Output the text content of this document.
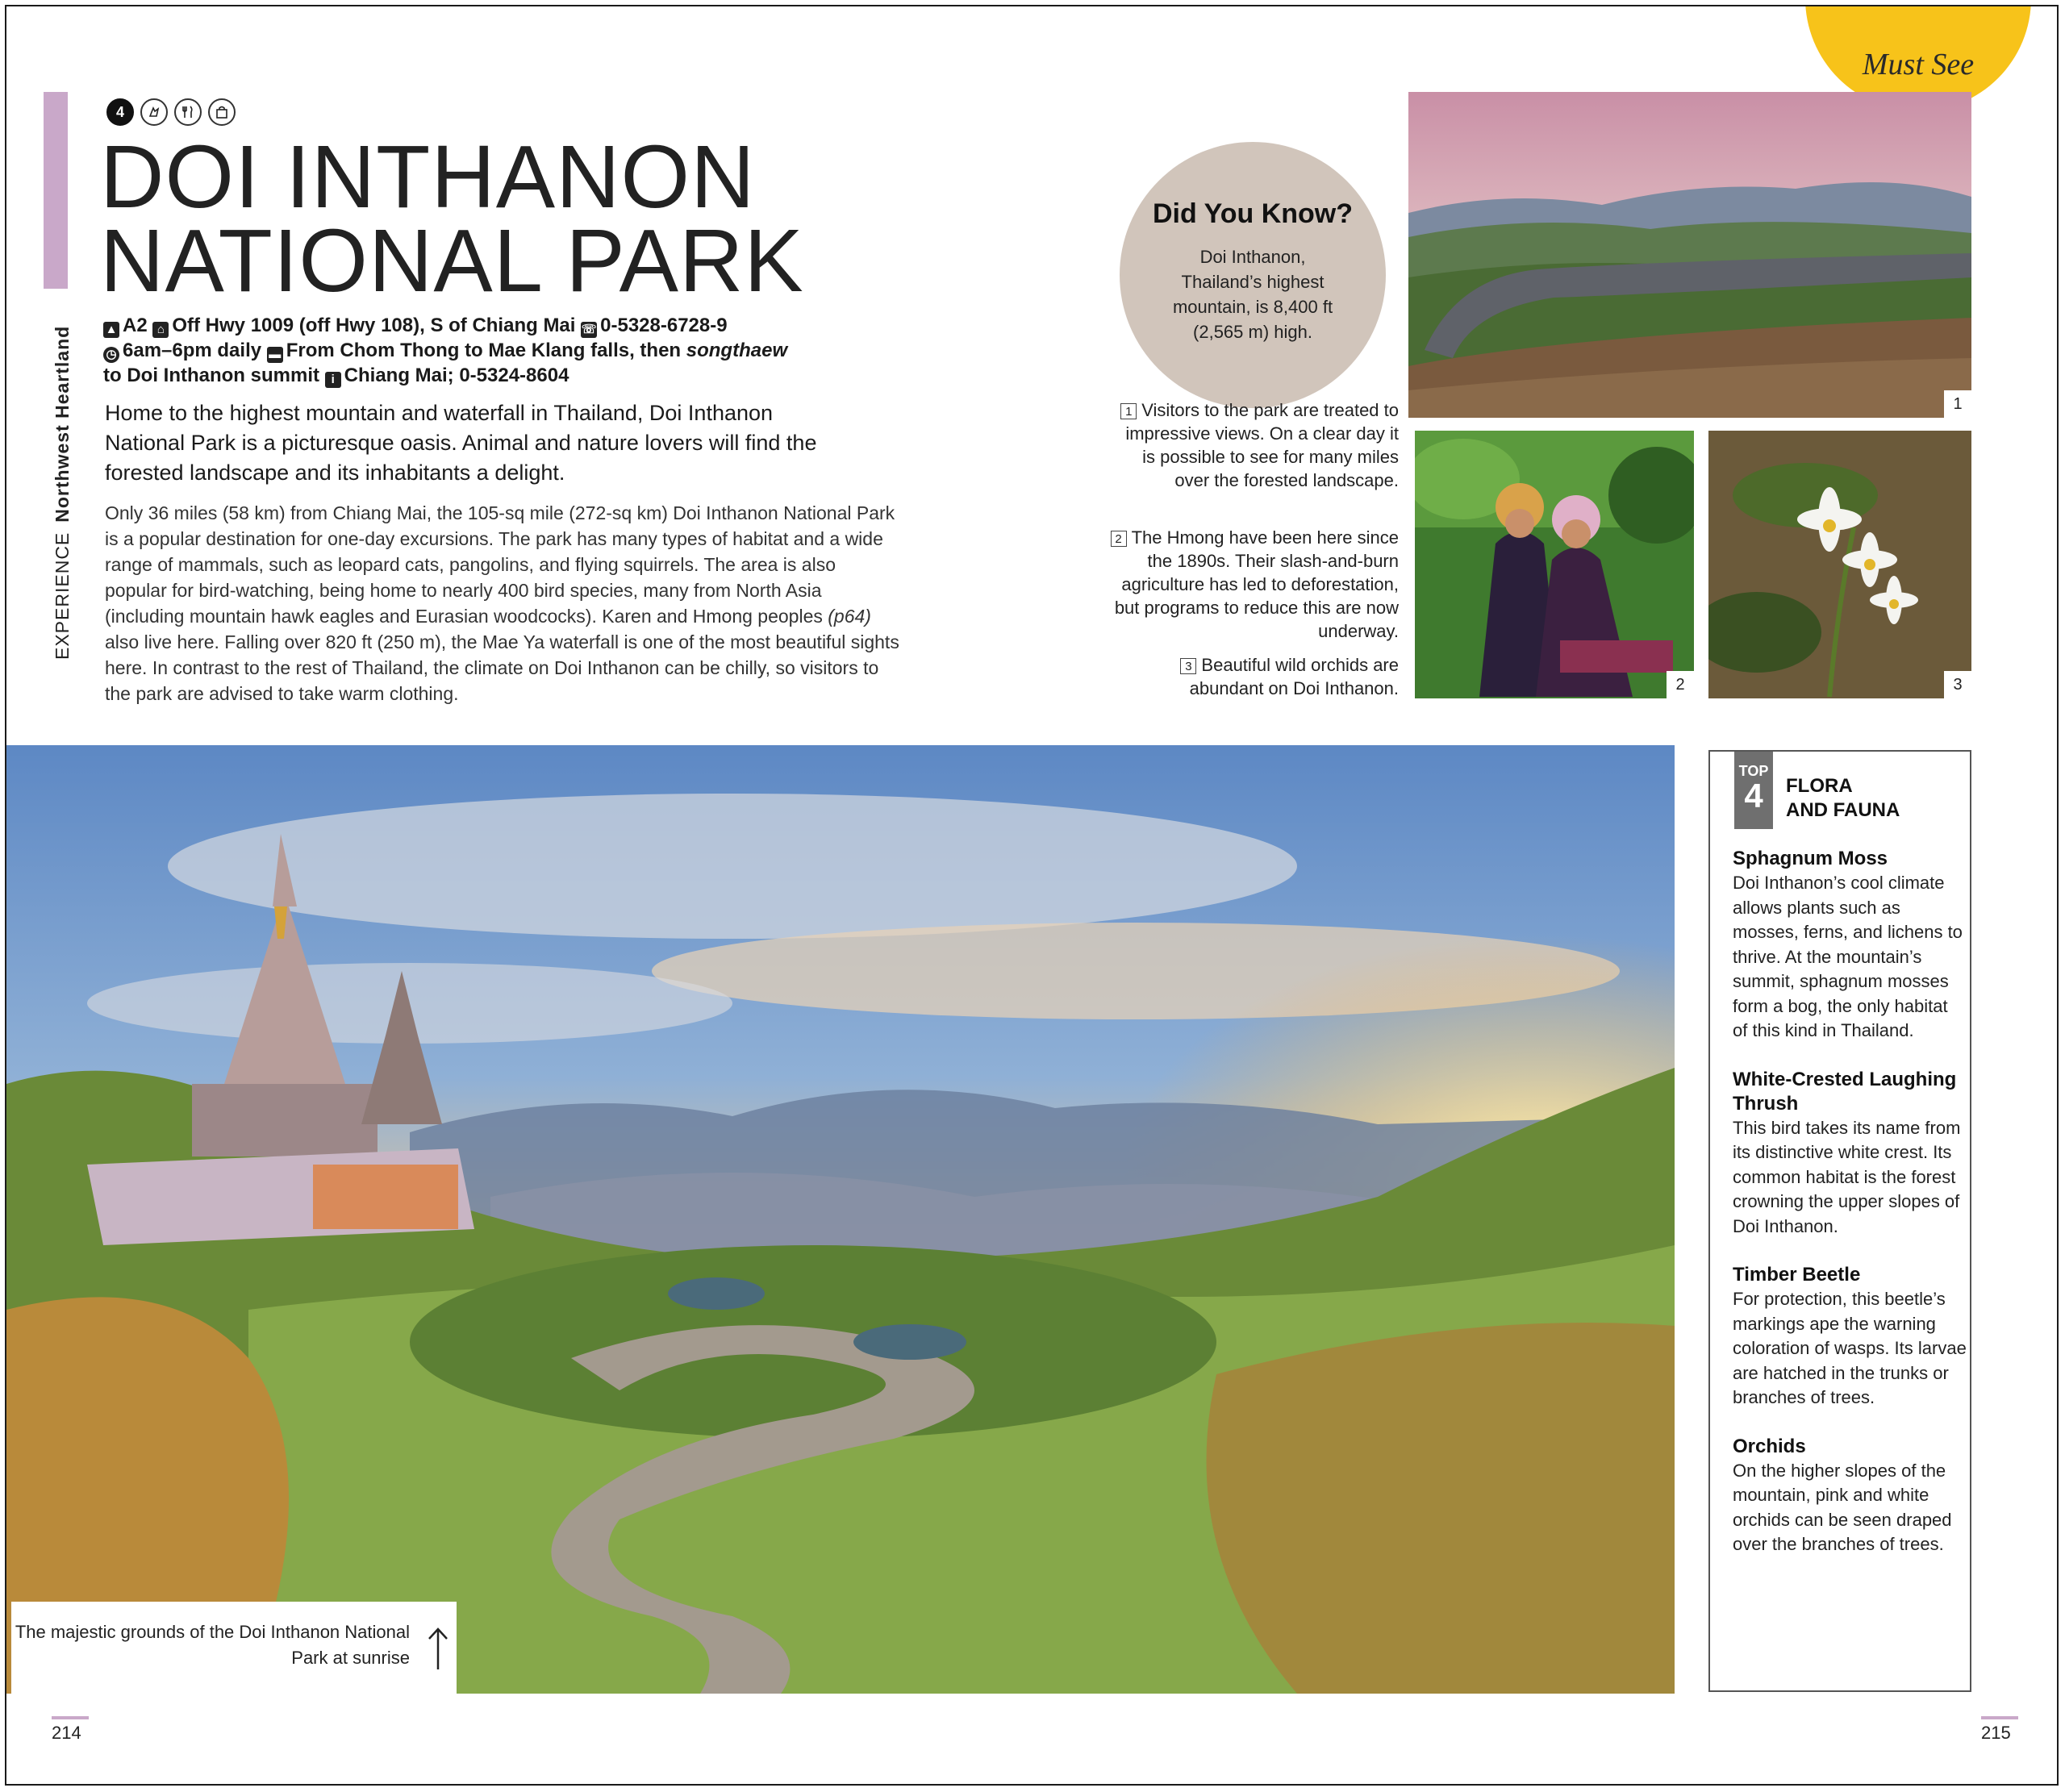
Must See
EXPERIENCENorthwest Heartland
4
DOI INTHANON
NATIONAL PARK
▲ A2 ⌂ Off Hwy 1009 (off Hwy 108), S of Chiang Mai ☏ 0-5328-6728-9
◷ 6am–6pm daily ▬ From Chom Thong to Mae Klang falls, then songthaew
to Doi Inthanon summit i Chiang Mai; 0-5324-8604
Home to the highest mountain and waterfall in Thailand, Doi Inthanon National Park is a picturesque oasis. Animal and nature lovers will find the forested landscape and its inhabitants a delight.
Only 36 miles (58 km) from Chiang Mai, the 105-sq mile (272-sq km) Doi Inthanon National Park is a popular destination for one-day excursions. The park has many types of habitat and a wide range of mammals, such as leopard cats, pangolins, and flying squirrels. The area is also popular for bird-watching, being home to nearly 400 bird species, many from North Asia (including mountain hawk eagles and Eurasian woodcocks). Karen and Hmong peoples (p64) also live here. Falling over 820 ft (250 m), the Mae Ya waterfall is one of the most beautiful sights here. In contrast to the rest of Thailand, the climate on Doi Inthanon can be chilly, so visitors to the park are advised to take warm clothing.
Did You Know?

Doi Inthanon, Thailand’s highest mountain, is 8,400 ft (2,565 m) high.

1
2	3
1 Visitors to the park are treated to impressive views. On a clear day it is possible to see for many miles over the forested landscape.
2 The Hmong have been here since the 1890s. Their slash-and-burn agriculture has led to deforestation, but programs to reduce this are now underway.
3 Beautiful wild orchids are abundant on Doi Inthanon.

The majestic grounds of the Doi Inthanon National Park at sunrise

TOP
4	FLORA
AND FAUNA
Sphagnum Moss

Doi Inthanon’s cool climate allows plants such as mosses, ferns, and lichens to thrive. At the mountain’s summit, sphagnum mosses form a bog, the only habitat of this kind in Thailand.

White-Crested Laughing Thrush

This bird takes its name from its distinctive white crest. Its common habitat is the forest crowning the upper slopes of Doi Inthanon.

Timber Beetle

For protection, this beetle’s markings ape the warning coloration of wasps. Its larvae are hatched in the trunks or branches of trees.

Orchids

On the higher slopes of the mountain, pink and white orchids can be seen draped over the branches of trees.

214	215
